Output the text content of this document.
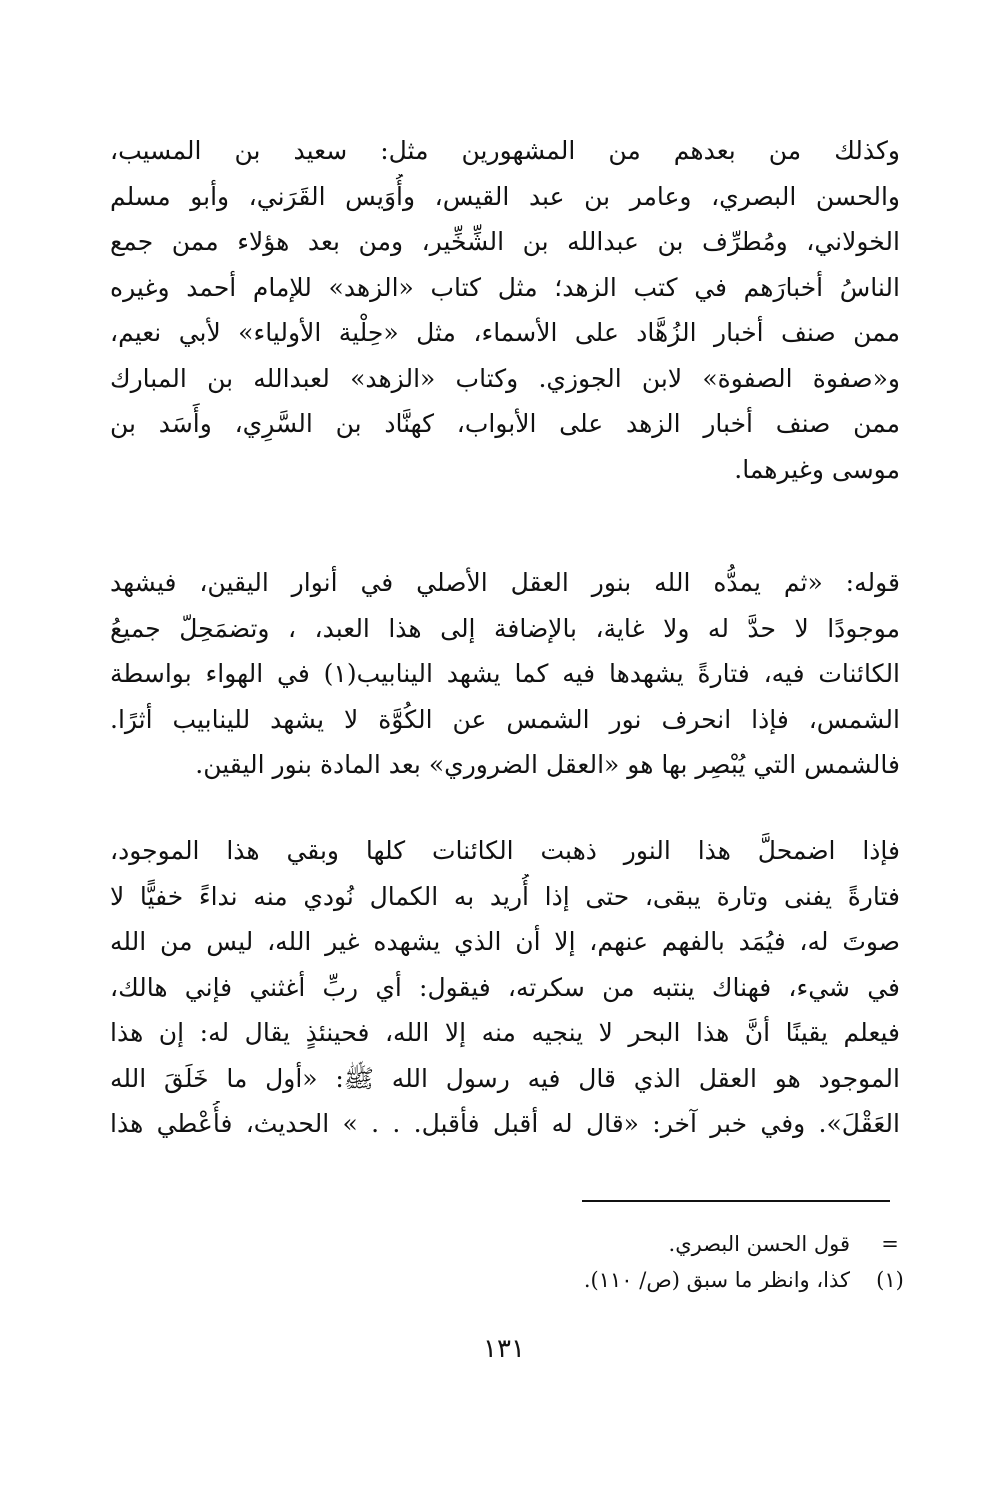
وكذلك من بعدهم من المشهورين مثل: سعيد بن المسيب،
والحسن البصري، وعامر بن عبد القيس، وأُوَيس القَرَني، وأبو مسلم
الخولاني، ومُطرِّف بن عبدالله بن الشِّخِّير، ومن بعد هؤلاء ممن جمع
الناسُ أخبارَهم في كتب الزهد؛ مثل كتاب «الزهد» للإمام أحمد وغيره
ممن صنف أخبار الزُهَّاد على الأسماء، مثل «حِلْية الأولياء» لأبي نعيم،
و«صفوة الصفوة» لابن الجوزي. وكتاب «الزهد» لعبدالله بن المبارك
ممن صنف أخبار الزهد على الأبواب، كهنَّاد بن السَّرِي، وأَسَد بن
موسى وغيرهما.

قوله: «ثم يمدُّه الله بنور العقل الأصلي في أنوار اليقين، فيشهد
موجودًا لا حدَّ له ولا غاية، بالإضافة إلى هذا العبد، ، وتضمَحِلّ جميعُ
الكائنات فيه، فتارةً يشهدها فيه كما يشهد الينابيب(١) في الهواء بواسطة
الشمس، فإذا انحرف نور الشمس عن الكُوَّة لا يشهد للينابيب أثرًا.
فالشمس التي يُبْصِر بها هو «العقل الضروري» بعد المادة بنور اليقين.

فإذا اضمحلَّ هذا النور ذهبت الكائنات كلها وبقي هذا الموجود،
فتارةً يفنى وتارة يبقى، حتى إذا أُريد به الكمال نُودي منه نداءً خفيًّا لا
صوتَ له، فيُمَد بالفهم عنهم، إلا أن الذي يشهده غير الله، ليس من الله
في شيء، فهناك ينتبه من سكرته، فيقول: أي ربِّ أغثني فإني هالك،
فيعلم يقينًا أنَّ هذا البحر لا ينجيه منه إلا الله، فحينئذٍ يقال له: إن هذا
الموجود هو العقل الذي قال فيه رسول الله ﷺ: «أول ما خَلَقَ الله
العَقْلَ». وفي خبر آخر: «قال له أقبل فأقبل. . . » الحديث، فأُعْطي هذا

=قول الحسن البصري.
(١)كذا، وانظر ما سبق (ص/ ١١٠).
١٣١
